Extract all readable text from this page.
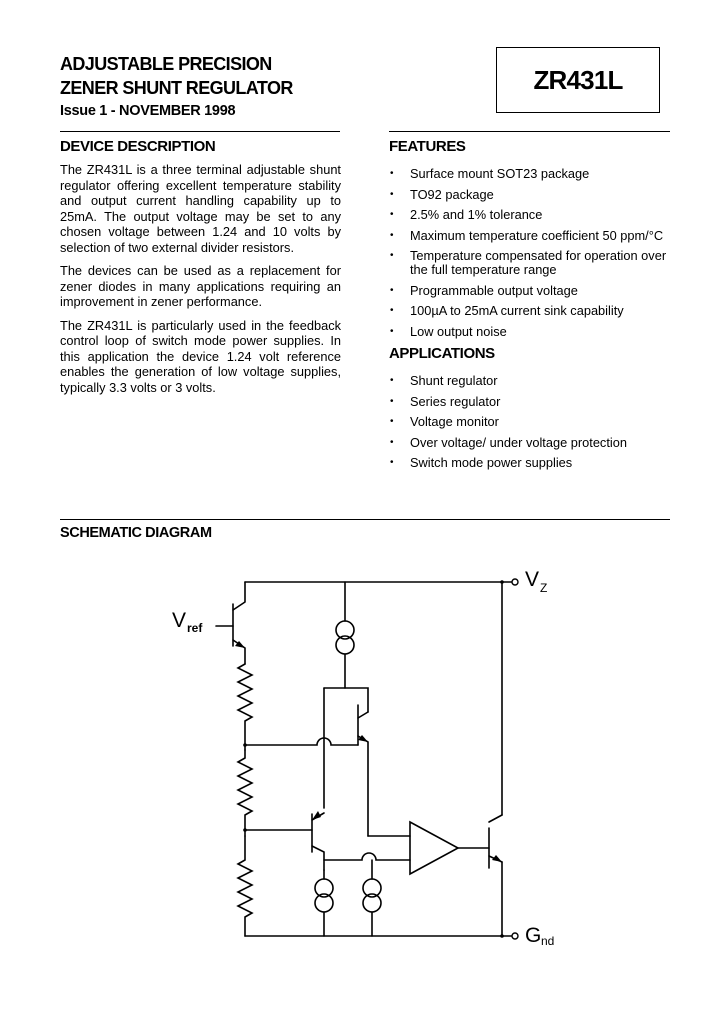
ADJUSTABLE PRECISION
ZENER SHUNT REGULATOR
Issue 1 - NOVEMBER 1998
ZR431L
DEVICE DESCRIPTION

The ZR431L is a three terminal adjustable shunt regulator offering excellent temperature stability and output current handling capability up to 25mA. The output voltage may be set to any chosen voltage between 1.24 and 10 volts by selection of two external divider resistors.

The devices can be used as a replacement for zener diodes in many applications requiring an improvement in zener performance.

The ZR431L is particularly used in the feedback control loop of switch mode power supplies. In this application the device 1.24 volt reference enables the generation of low voltage supplies, typically 3.3 volts or 3 volts.

FEATURES
• Surface mount SOT23 package
• TO92 package
• 2.5% and 1% tolerance
• Maximum temperature coefficient 50 ppm/°C
• Temperature compensated for operation over the full temperature range
• Programmable output voltage
• 100µA to 25mA current sink capability
• Low output noise
APPLICATIONS
• Shunt regulator
• Series regulator
• Voltage monitor
• Over voltage/ under voltage protection
• Switch mode power supplies
SCHEMATIC DIAGRAM
V ref
V Z
G nd
